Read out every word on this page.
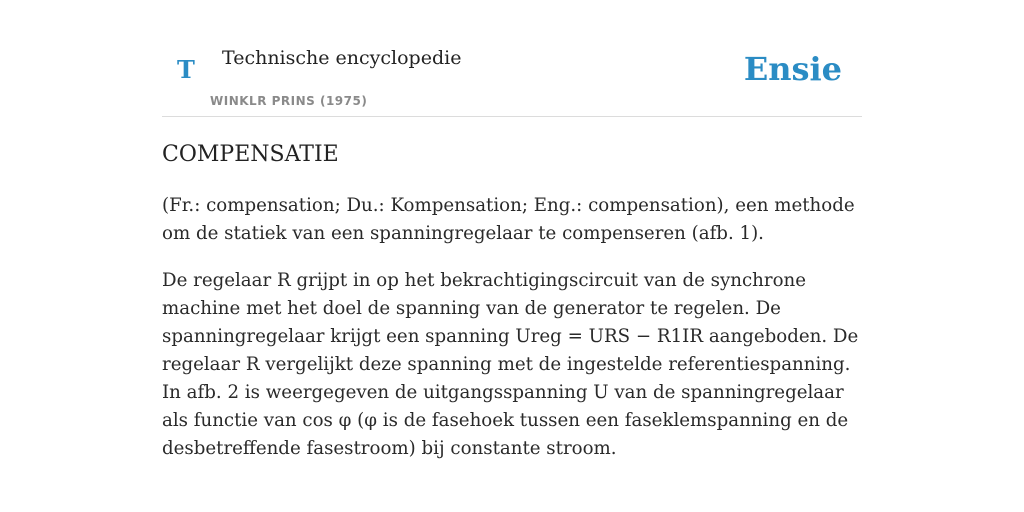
T Technische encyclopedie
WINKLR PRINS (1975)
Ensie
COMPENSATIE

(Fr.: compensation; Du.: Kompensation; Eng.: compensation), een methode om de statiek van een spanningregelaar te compenseren (afb. 1).

De regelaar R grijpt in op het bekrachtigingscircuit van de synchrone machine met het doel de spanning van de generator te regelen. De spanningregelaar krijgt een spanning Ureg = URS − R1IR aangeboden. De regelaar R vergelijkt deze spanning met de ingestelde referentiespanning. In afb. 2 is weergegeven de uitgangsspanning U van de spanningregelaar als functie van cos φ (φ is de fasehoek tussen een faseklemspanning en de desbetreffende fasestroom) bij constante stroom.
